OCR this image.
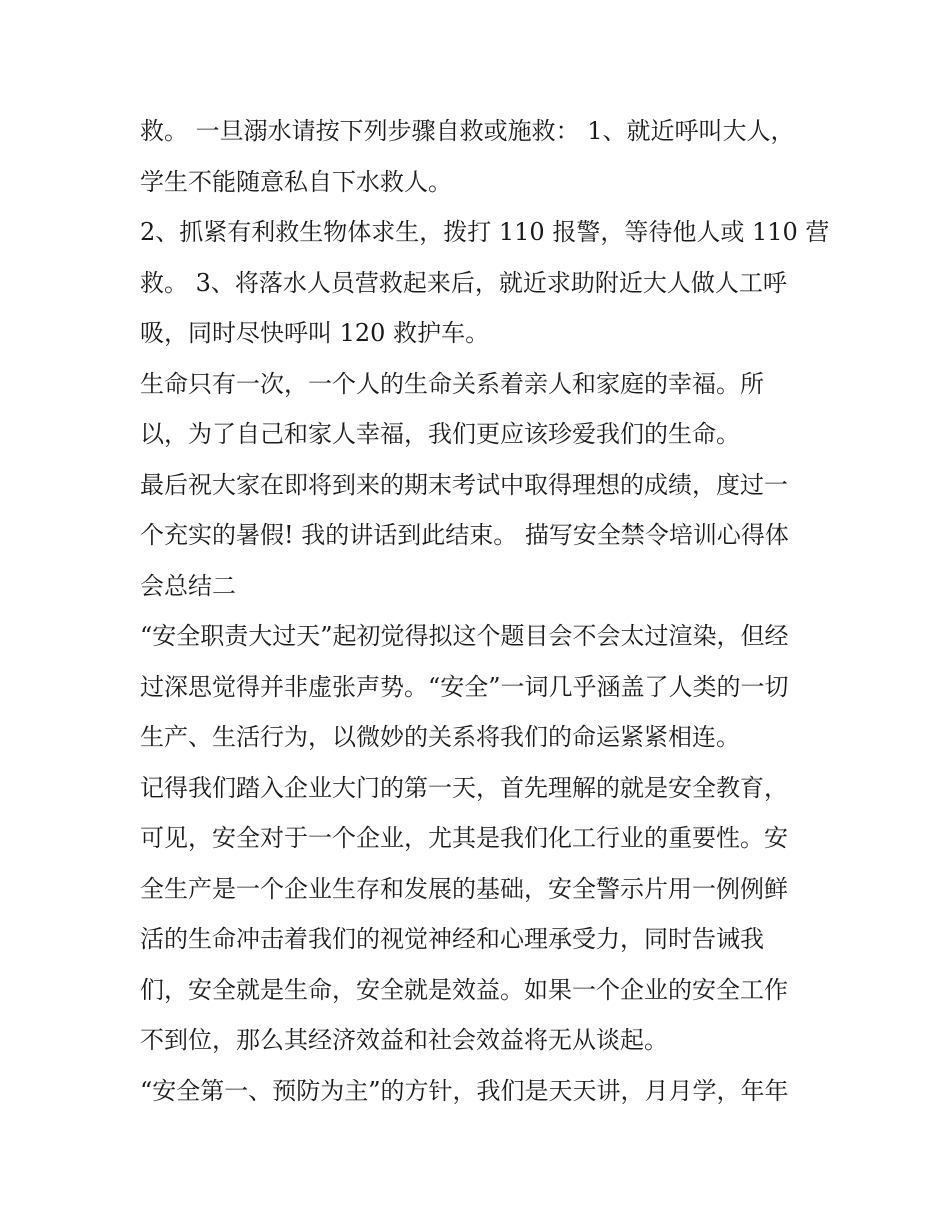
救。 一旦溺水请按下列步骤自救或施救： 1、就近呼叫大人，
学生不能随意私自下水救人。
2、抓紧有利救生物体求生，拨打 110 报警，等待他人或 110 营
救。 3、将落水人员营救起来后，就近求助附近大人做人工呼
吸，同时尽快呼叫 120 救护车。
生命只有一次，一个人的生命关系着亲人和家庭的幸福。所
以，为了自己和家人幸福，我们更应该珍爱我们的生命。
最后祝大家在即将到来的期末考试中取得理想的成绩，度过一
个充实的暑假! 我的讲话到此结束。 描写安全禁令培训心得体
会总结二
“安全职责大过天”起初觉得拟这个题目会不会太过渲染，但经
过深思觉得并非虚张声势。“安全”一词几乎涵盖了人类的一切
生产、生活行为，以微妙的关系将我们的命运紧紧相连。
记得我们踏入企业大门的第一天，首先理解的就是安全教育，
可见，安全对于一个企业，尤其是我们化工行业的重要性。安
全生产是一个企业生存和发展的基础，安全警示片用一例例鲜
活的生命冲击着我们的视觉神经和心理承受力，同时告诫我
们，安全就是生命，安全就是效益。如果一个企业的安全工作
不到位，那么其经济效益和社会效益将无从谈起。
“安全第一、预防为主”的方针，我们是天天讲，月月学，年年
